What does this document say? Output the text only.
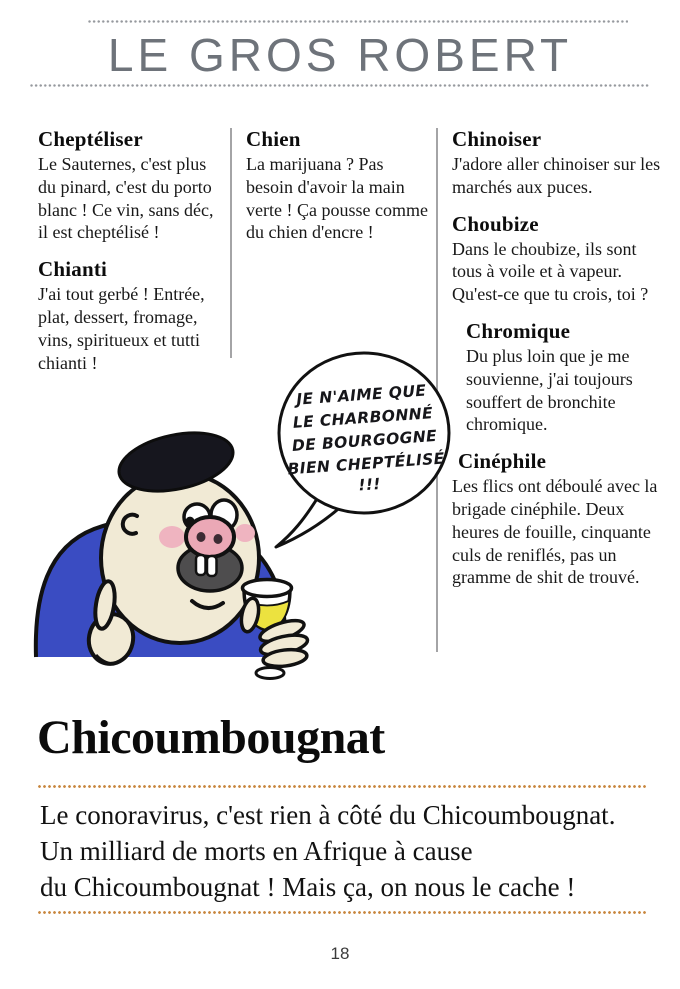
LE GROS ROBERT
Cheptéliser

Le Sauternes, c'est plus du pinard, c'est du porto blanc ! Ce vin, sans déc, il est cheptélisé !

Chianti

J'ai tout gerbé ! Entrée, plat, dessert, fromage, vins, spiritueux et tutti chianti !

Chien

La marijuana ? Pas besoin d'avoir la main verte ! Ça pousse comme du chien d'encre !

Chinoiser

J'adore aller chinoiser sur les marchés aux puces.

Choubize

Dans le choubize, ils sont tous à voile et à vapeur. Qu'est-ce que tu crois, toi ?

Chromique

Du plus loin que je me souvienne, j'ai toujours souffert de bronchite chromique.

Cinéphile

Les flics ont déboulé avec la brigade cinéphile. Deux heures de fouille, cinquante culs de reniflés, pas un gramme de shit de trouvé.

JE N'AIME QUE
LE CHARBONNÉ
DE BOURGOGNE
BIEN CHEPTÉLISÉ
!!!
Chicoumbougnat
Le conoravirus, c'est rien à côté du Chicoumbougnat.
Un milliard de morts en Afrique à cause
du Chicoumbougnat ! Mais ça, on nous le cache !
18
